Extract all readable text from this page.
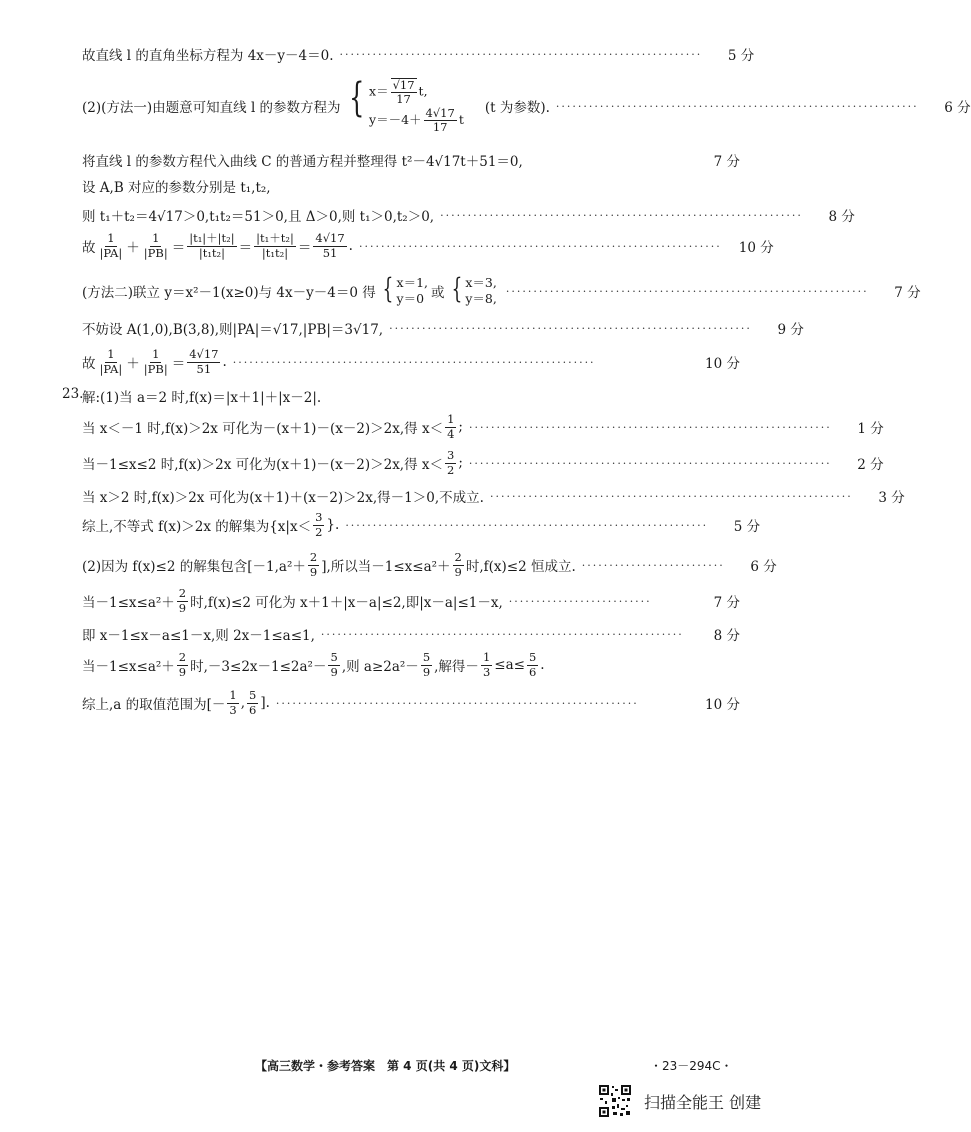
故直线 l 的直角坐标方程为 4x－y－4＝0. ··································································	5 分
(2)(方法一)由题意可知直线 l 的参数方程为 { $x= \frac{√17}{17} t$,
$y=-4+ \frac{4√17}{17}$ t
(t 为参数). ··································································	6 分
将直线 l 的参数方程代入曲线 C 的普通方程并整理得 t²－4√17t＋51＝0,	7 分
设 A,B 对应的参数分别是 t₁,t₂,
则 t₁＋t₂＝4√17＞0,t₁t₂＝51＞0,且 Δ＞0,则 t₁＞0,t₂＞0, ··································································	8 分
故 $\frac{1}{|PA|} + \frac{1}{|PB|} = \frac{\text{|t₁|＋|t₂|}}{\text{|t₁t₂|}} = \frac{\text{|t₁＋t₂|}}{\text{|t₁t₂|}} = \frac{4√17}{51}$ . ··································································	10 分
(方法二)联立 y＝x²－1(x≥0)与 4x－y－4＝0 得 { x＝1,
y＝0 或 { x＝3,
y＝8, ··································································	7 分
不妨设 A(1,0),B(3,8),则|PA|＝√17,|PB|＝3√17, ··································································	9 分
故 $\frac{1}{|PA|} + \frac{1}{|PB|} = \frac{4√17}{51}$ . ··································································	10 分
23.
解:(1)当 a＝2 时,f(x)＝|x＋1|＋|x－2|.
当 x＜－1 时,f(x)＞2x 可化为－(x＋1)－(x－2)＞2x,得 $x< \frac{1}{4}$ ; ··································································	1 分
当－1≤x≤2 时,f(x)＞2x 可化为(x＋1)－(x－2)＞2x,得 $x< \frac{3}{2}$ ; ··································································	2 分
当 x＞2 时,f(x)＞2x 可化为(x＋1)＋(x－2)＞2x,得－1＞0,不成立. ··································································	3 分
综上,不等式 f(x)＞2x 的解集为{$x|x< \frac{3}{2}$ }. ··································································	5 分
(2)因为 f(x)≤2 的解集包含[$-1,a^2+ \frac{2}{9}$ ],所以当$-1\le x\le a^2+ \frac{2}{9}$ 时,f(x)≤2 恒成立. ··························	6 分
当$-1\le x\le a^2+ \frac{2}{9}$ 时,f(x)≤2 可化为 x＋1＋|x－a|≤2,即|x－a|≤1－x, ··························	7 分
即 x－1≤x－a≤1－x,则 2x－1≤a≤1, ··································································	8 分
当$-1\le x\le a^2+ \frac{2}{9}$ 时$,-3\le 2x-1\le 2a^2- \frac{5}{9}$ ,则 $a\ge 2a^2- \frac{5}{9}$ ,解得－ $\frac{1}{3} \le a\le \frac{5}{6}$ .
综上,a 的取值范围为[－ $\frac{1}{3}$ , $\frac{5}{6}$ ]. ··································································	10 分
【高三数学・参考答案　第 4 页(共 4 页)文科】	・23－294C・
扫描全能王 创建
